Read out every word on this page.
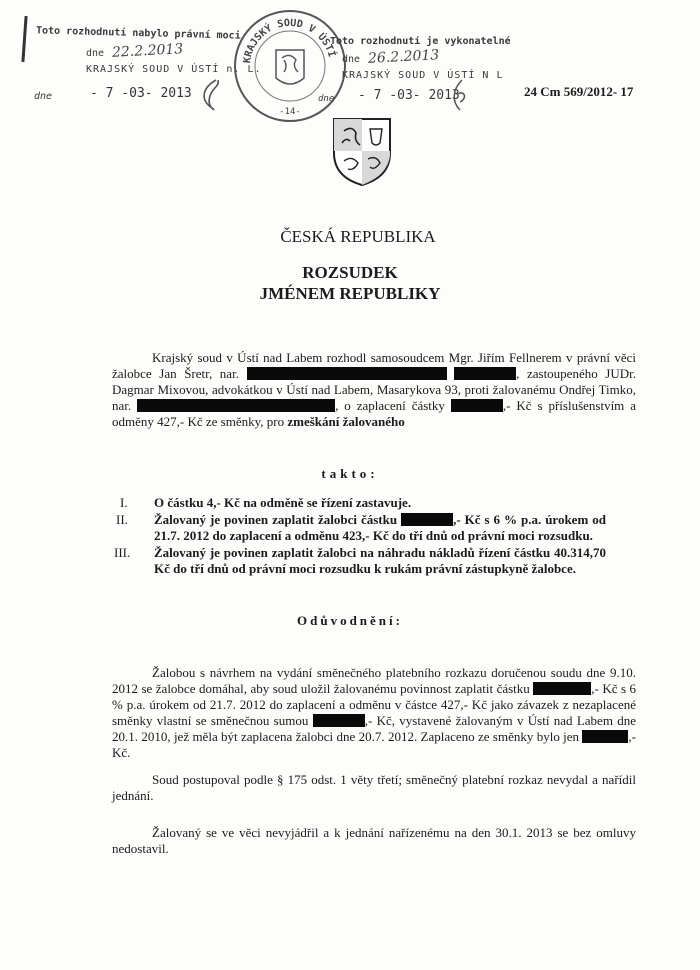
Toto rozhodnutí nabylo právní moci
dne 22.2.2013
KRAJSKÝ SOUD V ÚSTÍ n. L.
dne	- 7 -03- 2013
KRAJSKÝ SOUD V ÚSTÍ
-14-
Toto rozhodnutí je vykonatelné
dne 26.2.2013
KRAJSKÝ SOUD V ÚSTÍ N L
dne - 7 -03- 2013	24 Cm 569/2012- 17
ČESKÁ REPUBLIKA
ROZSUDEK
JMÉNEM REPUBLIKY
Krajský soud v Ústí nad Labem rozhodl samosoudcem Mgr. Jiřím Fellnerem v právní věci žalobce Jan Šretr, nar.	, zastoupeného JUDr. Dagmar Mixovou, advokátkou v Ústí nad Labem, Masarykova 93, proti žalovanému Ondřej Timko, nar.	, o zaplacení částky	,- Kč s příslušenstvím a odměny 427,- Kč ze směnky, pro zmeškání žalovaného
takto:
I. O částku 4,- Kč na odměně se řízení zastavuje.
II. Žalovaný je povinen zaplatit žalobci částku	,- Kč s 6 % p.a. úrokem od 21.7. 2012 do zaplacení a odměnu 423,- Kč do tří dnů od právní moci rozsudku.
III. Žalovaný je povinen zaplatit žalobci na náhradu nákladů řízení částku 40.314,70 Kč do tří dnů od právní moci rozsudku k rukám právní zástupkyně žalobce.
Odůvodnění:
Žalobou s návrhem na vydání směnečného platebního rozkazu doručenou soudu dne 9.10. 2012 se žalobce domáhal, aby soud uložil žalovanému povinnost zaplatit částku	,- Kč s 6 % p.a. úrokem od 21.7. 2012 do zaplacení a odměnu v částce 427,- Kč jako závazek z nezaplacené směnky vlastní se směnečnou sumou	,- Kč, vystavené žalovaným v Ústí nad Labem dne 20.1. 2010, jež měla být zaplacena žalobci dne 20.7. 2012. Zaplaceno ze směnky bylo jen	,-Kč.
Soud postupoval podle § 175 odst. 1 věty třetí; směnečný platební rozkaz nevydal a nařídil jednání.
Žalovaný se ve věci nevyjádřil a k jednání nařízenému na den 30.1. 2013 se bez omluvy nedostavil.
